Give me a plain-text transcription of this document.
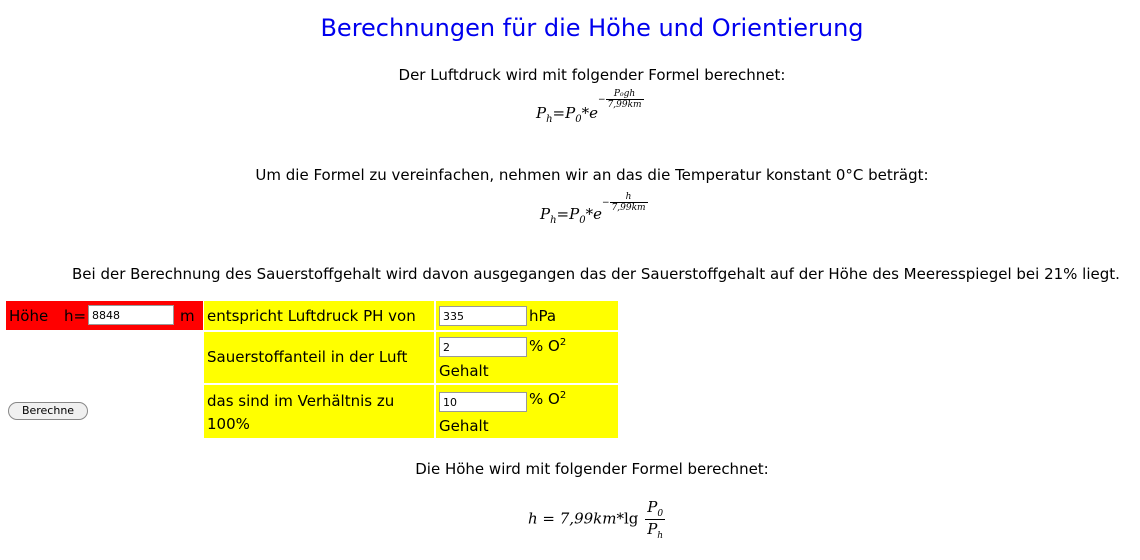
Berechnungen für die Höhe und Orientierung
Der Luftdruck wird mit folgender Formel berechnet:
$P_h=P_0*e^{- \frac{\text{P₀gh}}{7,99km}}$
Um die Formel zu vereinfachen, nehmen wir an das die Temperatur konstant 0°C beträgt:
$P_h=P_0*e^{- \frac{h}{7,99km}}$
Bei der Berechnung des Sauerstoffgehalt wird davon ausgegangen das der Sauerstoffgehalt auf der Höhe des Meeresspiegel bei 21% liegt.
Höhe h=
8848	m entspricht Luftdruck PH von
Sauerstoffanteil in der Luft
das sind im Verhältnis zu
100%
335
hPa
2
% $O^2$
Gehalt
10
% $O^2$
Gehalt
Berechne
Die Höhe wird mit folgender Formel berechnet:
$h = 7,99km*\lg \frac{P_0}{P_h}$
